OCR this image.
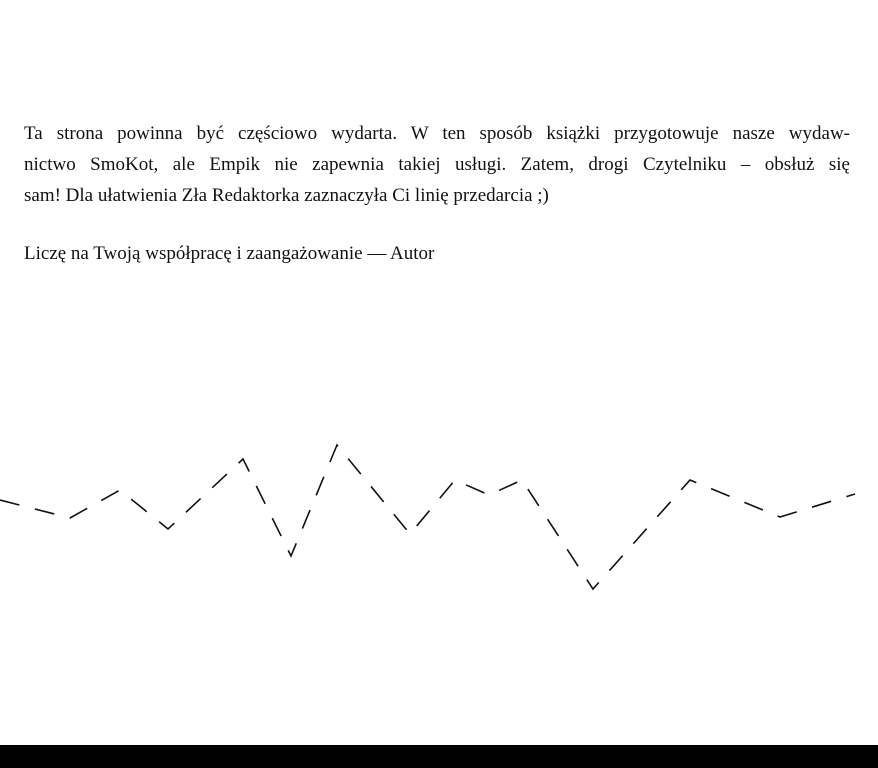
Ta strona powinna być częściowo wydarta. W ten sposób książki przygotowuje nasze wydaw-
nictwo SmoKot, ale Empik nie zapewnia takiej usługi. Zatem, drogi Czytelniku – obsłuż się
sam! Dla ułatwienia Zła Redaktorka zaznaczyła Ci linię przedarcia ;)

Liczę na Twoją współpracę i zaangażowanie — Autor
